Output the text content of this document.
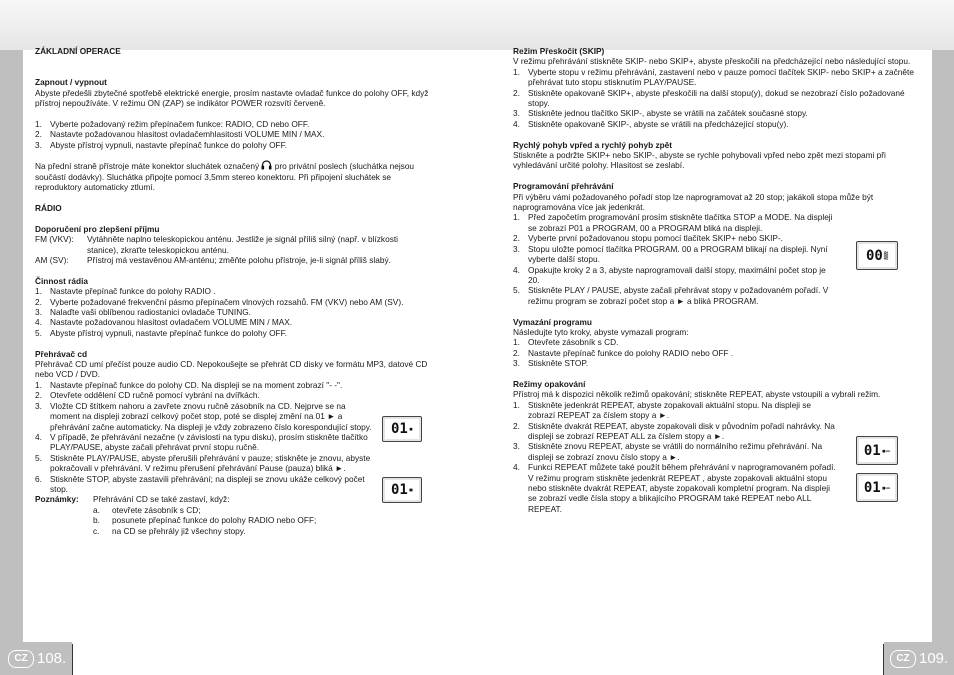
ZÁKLADNÍ OPERACE

Zapnout / vypnout

Abyste předešli zbytečné spotřebě elektrické energie, prosím nastavte ovladač funkce do polohy OFF, když přístroj nepoužíváte. V režimu ON (ZAP) se indikátor POWER rozsvítí červeně.

1. Vyberte požadovaný režim přepínačem funkce: RADIO, CD nebo OFF.
2. Nastavte požadovanou hlasitost ovladačemhlasitosti VOLUME MIN / MAX.
3. Abyste přístroj vypnuli, nastavte přepínač funkce do polohy OFF.

Na přední straně přístroje máte konektor sluchátek označený pro privátní poslech (sluchátka nejsou součástí dodávky). Sluchátka připojte pomocí 3,5mm stereo konektoru. Při připojení sluchátek se reproduktory automaticky ztlumí.

RÁDIO

Doporučení pro zlepšení příjmu

FM (VKV):	Vytáhněte naplno teleskopickou anténu. Jestliže je signál příliš silný (např. v blízkosti stanice), zkraťte teleskopickou anténu.
AM (SV):	Přístroj má vestavěnou AM-anténu; změňte polohu přístroje, je-li signál příliš slabý.

Činnost rádia

1. Nastavte přepínač funkce do polohy RADIO .
2. Vyberte požadované frekvenční pásmo přepínačem vlnových rozsahů. FM (VKV) nebo AM (SV).
3. Nalaďte vaši oblíbenou radiostanici ovladače TUNING.
4. Nastavte požadovanou hlasitost ovladačem VOLUME MIN / MAX.
5. Abyste přístroj vypnuli, nastavte přepínač funkce do polohy OFF.

Přehrávač cd

Přehrávač CD umí přečíst pouze audio CD. Nepokoušejte se přehrát CD disky ve formátu MP3, datové CD nebo VCD / DVD.

1. Nastavte přepínač funkce do polohy CD. Na displeji se na moment zobrazí "- -".
2. Otevřete oddělení CD ručně pomocí vybrání na dvířkách.
3. Vložte CD štítkem nahoru a zavřete znovu ručně zásobník na CD. Nejprve se na moment na displeji zobrazí celkový počet stop, poté se displej změní na 01 ► a přehrávání začne automaticky. Na displeji je vždy zobrazeno číslo korespondující stopy.
4. V případě, že přehrávání nezačne (v závislosti na typu disku), prosím stiskněte tlačítko PLAY/PAUSE, abyste začali přehrávat první stopu ručně.
5. Stiskněte PLAY/PAUSE, abyste přerušili přehrávání v pauze; stiskněte je znovu, abyste pokračovali v přehrávání. V režimu přerušení přehrávání Pause (pauza) bliká ►.
6. Stiskněte STOP, abyste zastavili přehrávání; na displeji se znovu ukáže celkový počet stop.
Poznámky:	Přehrávání CD se také zastaví, když:
a.	otevřete zásobník s CD;
b.	posunete přepínač funkce do polohy RADIO nebo OFF;
c.	na CD se přehrály již všechny stopy.
01 ▪
01 ✱

Režim Přeskočit (SKIP)

V režimu přehrávání stiskněte SKIP- nebo SKIP+, abyste přeskočili na předcházející nebo následující stopu.

1. Vyberte stopu v režimu přehrávání, zastavení nebo v pauze pomocí tlačítek SKIP- nebo SKIP+ a začněte přehrávat tuto stopu stisknutím PLAY/PAUSE.
2. Stiskněte opakovaně SKIP+, abyste přeskočili na další stopu(y), dokud se nezobrazí číslo požadované stopy.
3. Stiskněte jednou tlačítko SKIP-, abyste se vrátili na začátek současné stopy.
4. Stiskněte opakovaně SKIP-, abyste se vrátili na předcházející stopu(y).

Rychlý pohyb vpřed a rychlý pohyb zpět

Stiskněte a podržte SKIP+ nebo SKIP-, abyste se rychle pohybovali vpřed nebo zpět mezi stopami při vyhledávání určité polohy. Hlasitost se zeslabí.

Programování přehrávání

Při výběru vámi požadovaného pořadí stop lze naprogramovat až 20 stop; jakákoli stopa může být naprogramována více jak jedenkrát.

1. Před započetím programování prosím stiskněte tlačítka STOP a MODE. Na displeji se zobrazí P01 a PROGRAM, 00 a PROGRAM bliká na displeji.
2. Vyberte první požadovanou stopu pomocí tlačítek SKIP+ nebo SKIP-.
3. Stopu uložte pomocí tlačítka PROGRAM. 00 a PROGRAM blikají na displeji. Nyní vyberte další stopu.
4. Opakujte kroky 2 a 3, abyste naprogramovali další stopy, maximální počet stop je 20.
5. Stiskněte PLAY / PAUSE, abyste začali přehrávat stopy v požadovaném pořadí. V režimu program se zobrazí počet stop a ► a bliká PROGRAM.

Vymazání programu

Následujte tyto kroky, abyste vymazali program:

1. Otevřete zásobník s CD.
2. Nastavte přepínač funkce do polohy RADIO nebo OFF .
3. Stiskněte STOP.

Režimy opakování

Přístroj má k dispozici několik režimů opakování; stiskněte REPEAT, abyste vstoupili a vybrali režim.

1. Stiskněte jedenkrát REPEAT, abyste zopakovali aktuální stopu. Na displeji se zobrazí REPEAT za číslem stopy a ►.
2. Stiskněte dvakrát REPEAT, abyste zopakovali disk v původním pořadí nahrávky. Na displeji se zobrazí REPEAT ALL za číslem stopy a ►.
3. Stiskněte znovu REPEAT, abyste se vrátili do normálního režimu přehrávání. Na displeji se zobrazí znovu číslo stopy a ►.
4. Funkci REPEAT můžete také použít během přehrávání v naprogramovaném pořadí. V režimu program stiskněte jedenkrát REPEAT , abyste zopakovali aktuální stopu nebo stiskněte dvakrát REPEAT, abyste zopakovali kompletní program. Na displeji se zobrazí vedle čísla stopy a blikajícího PROGRAM také REPEAT nebo ALL REPEAT.
00 ▒
01 ▪–
01 ▪–
CZ 108.	CZ 109.
